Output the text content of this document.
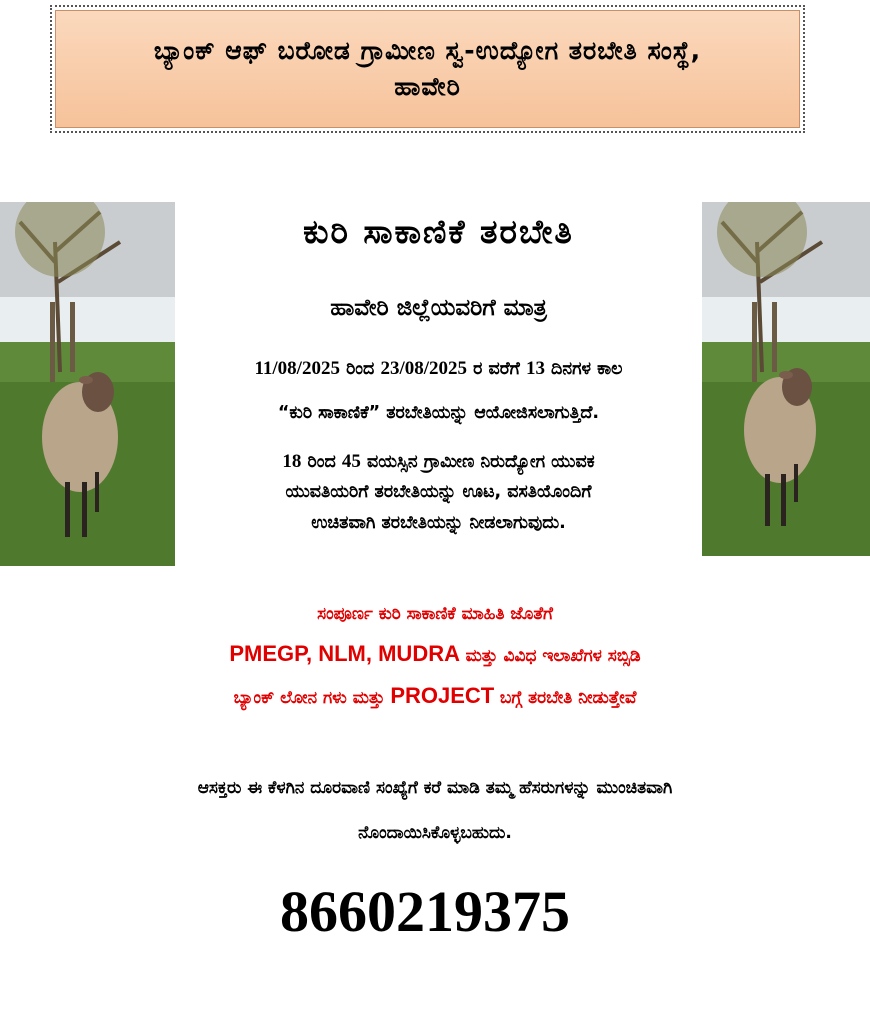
ಬ್ಯಾಂಕ್ ಆಫ್ ಬರೋಡ ಗ್ರಾಮೀಣ ಸ್ವ-ಉದ್ಯೋಗ ತರಬೇತಿ ಸಂಸ್ಥೆ,
ಹಾವೇರಿ
ಕುರಿ ಸಾಕಾಣಿಕೆ ತರಬೇತಿ
ಹಾವೇರಿ ಜಿಲ್ಲೆಯವರಿಗೆ ಮಾತ್ರ
11/08/2025 ರಿಂದ 23/08/2025 ರ ವರೆಗೆ 13 ದಿನಗಳ ಕಾಲ
“ಕುರಿ ಸಾಕಾಣಿಕೆ” ತರಬೇತಿಯನ್ನು ಆಯೋಜಿಸಲಾಗುತ್ತಿದೆ.
18 ರಿಂದ 45 ವಯಸ್ಸಿನ ಗ್ರಾಮೀಣ ನಿರುದ್ಯೋಗ ಯುವಕ
ಯುವತಿಯರಿಗೆ ತರಬೇತಿಯನ್ನು ಊಟ, ವಸತಿಯೊಂದಿಗೆ
ಉಚಿತವಾಗಿ ತರಬೇತಿಯನ್ನು ನೀಡಲಾಗುವುದು.
ಸಂಪೂರ್ಣ ಕುರಿ ಸಾಕಾಣಿಕೆ ಮಾಹಿತಿ ಜೊತೆಗೆ
PMEGP, NLM, MUDRA ಮತ್ತು ವಿವಿಧ ಇಲಾಖೆಗಳ ಸಬ್ಸಿಡಿ
ಬ್ಯಾಂಕ್ ಲೋನ ಗಳು ಮತ್ತು PROJECT ಬಗ್ಗೆ ತರಬೇತಿ ನೀಡುತ್ತೇವೆ
ಆಸಕ್ತರು ಈ ಕೆಳಗಿನ ದೂರವಾಣಿ ಸಂಖ್ಯೆಗೆ ಕರೆ ಮಾಡಿ ತಮ್ಮ ಹೆಸರುಗಳನ್ನು ಮುಂಚಿತವಾಗಿ
ನೊಂದಾಯಿಸಿಕೊಳ್ಳಬಹುದು.
8660219375
